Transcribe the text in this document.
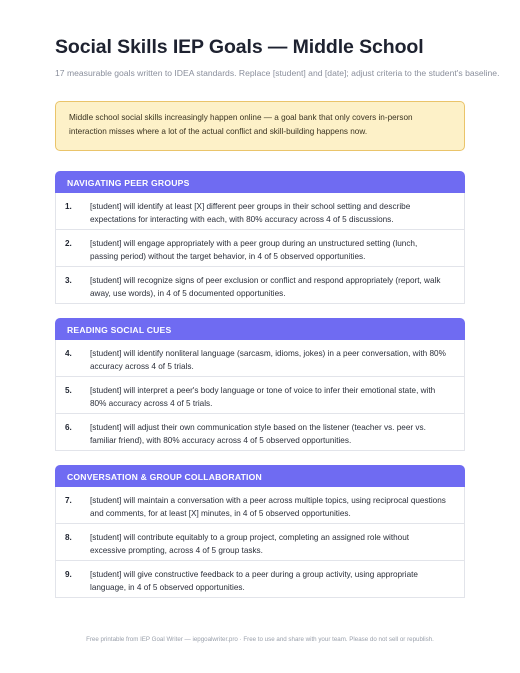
Social Skills IEP Goals — Middle School
17 measurable goals written to IDEA standards. Replace [student] and [date]; adjust criteria to the student's baseline.
Middle school social skills increasingly happen online — a goal bank that only covers in-person interaction misses where a lot of the actual conflict and skill-building happens now.
NAVIGATING PEER GROUPS
1.	[student] will identify at least [X] different peer groups in their school setting and describe expectations for interacting with each, with 80% accuracy across 4 of 5 discussions.
2.	[student] will engage appropriately with a peer group during an unstructured setting (lunch, passing period) without the target behavior, in 4 of 5 observed opportunities.
3.	[student] will recognize signs of peer exclusion or conflict and respond appropriately (report, walk away, use words), in 4 of 5 documented opportunities.
READING SOCIAL CUES
4.	[student] will identify nonliteral language (sarcasm, idioms, jokes) in a peer conversation, with 80% accuracy across 4 of 5 trials.
5.	[student] will interpret a peer's body language or tone of voice to infer their emotional state, with 80% accuracy across 4 of 5 trials.
6.	[student] will adjust their own communication style based on the listener (teacher vs. peer vs. familiar friend), with 80% accuracy across 4 of 5 observed opportunities.
CONVERSATION & GROUP COLLABORATION
7.	[student] will maintain a conversation with a peer across multiple topics, using reciprocal questions and comments, for at least [X] minutes, in 4 of 5 observed opportunities.
8.	[student] will contribute equitably to a group project, completing an assigned role without excessive prompting, across 4 of 5 group tasks.
9.	[student] will give constructive feedback to a peer during a group activity, using appropriate language, in 4 of 5 observed opportunities.
Free printable from IEP Goal Writer — iepgoalwriter.pro · Free to use and share with your team. Please do not sell or republish.
